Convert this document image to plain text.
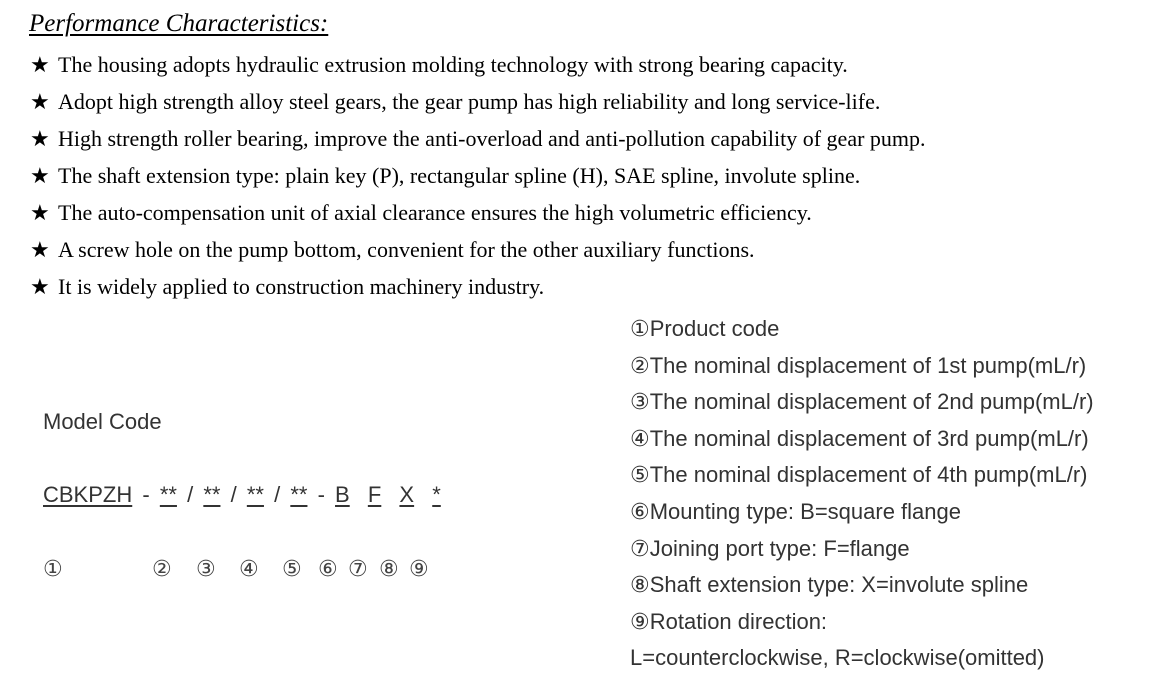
Performance Characteristics:
★ The housing adopts hydraulic extrusion molding technology with strong bearing capacity.
★ Adopt high strength alloy steel gears, the gear pump has high reliability and long service-life.
★ High strength roller bearing, improve the anti-overload and anti-pollution capability of gear pump.
★ The shaft extension type: plain key (P), rectangular spline (H), SAE spline, involute spline.
★ The auto-compensation unit of axial clearance ensures the high volumetric efficiency.
★ A screw hole on the pump bottom, convenient for the other auxiliary functions.
★ It is widely applied to construction machinery industry.
Model Code
CBKPZH - ** / ** / ** / ** - B F X *
①	② ③ ④ ⑤ ⑥ ⑦ ⑧ ⑨
①Product code
②The nominal displacement of 1st pump(mL/r)
③The nominal displacement of 2nd pump(mL/r)
④The nominal displacement of 3rd pump(mL/r)
⑤The nominal displacement of 4th pump(mL/r)
⑥Mounting type: B=square flange
⑦Joining port type: F=flange
⑧Shaft extension type: X=involute spline
⑨Rotation direction:
L=counterclockwise, R=clockwise(omitted)
